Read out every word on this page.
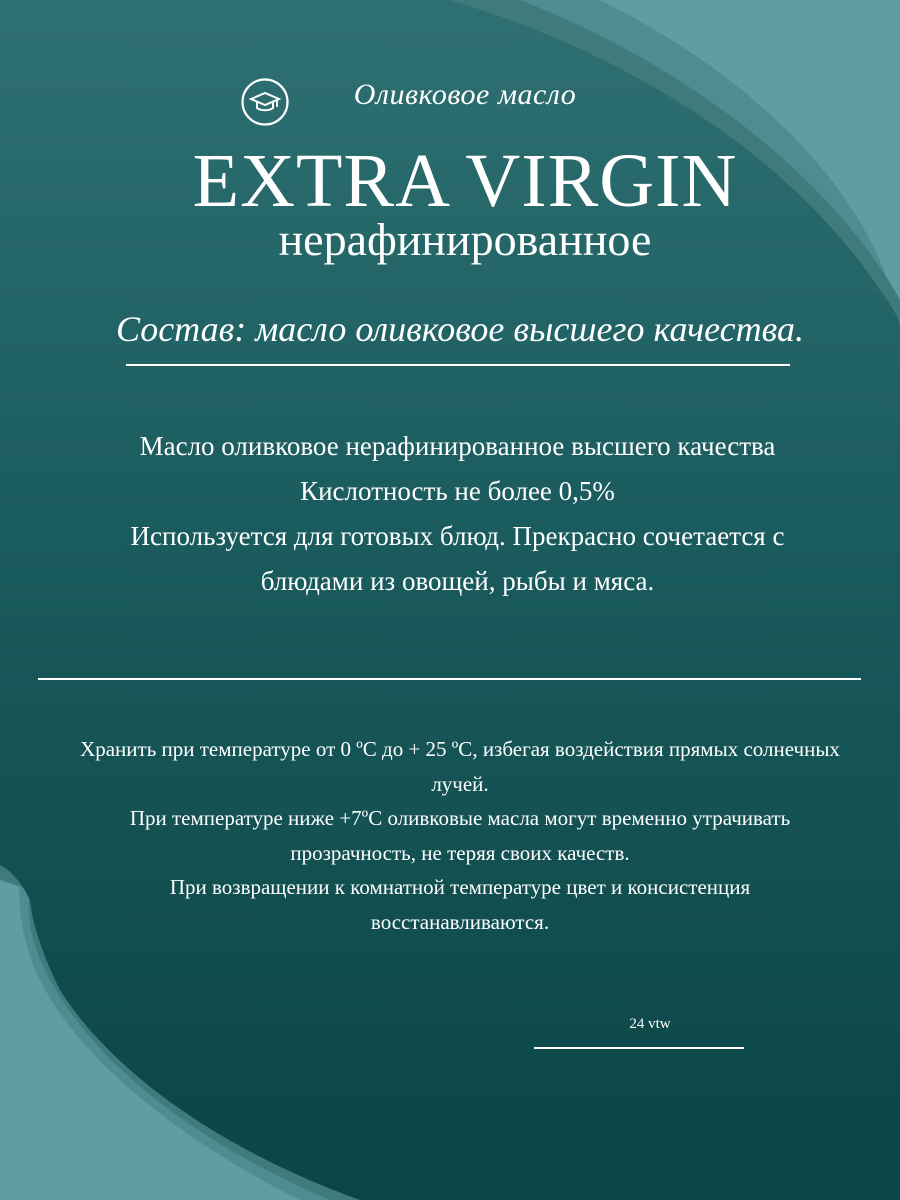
Оливковое масло
EXTRA VIRGIN
нерафинированное
Состав: масло оливковое высшего качества.

Масло оливковое нерафинированное высшего качества

Кислотность не более 0,5%

Используется для готовых блюд. Прекрасно сочетается с блюдами из овощей, рыбы и мяса.

Хранить при температуре от 0 ºС до + 25 ºС, избегая воздействия прямых солнечных лучей.

При температуре ниже +7ºС оливковые масла могут временно утрачивать прозрачность, не теряя своих качеств.

При возвращении к комнатной температуре цвет и консистенция восстанавливаются.

24 vtw
